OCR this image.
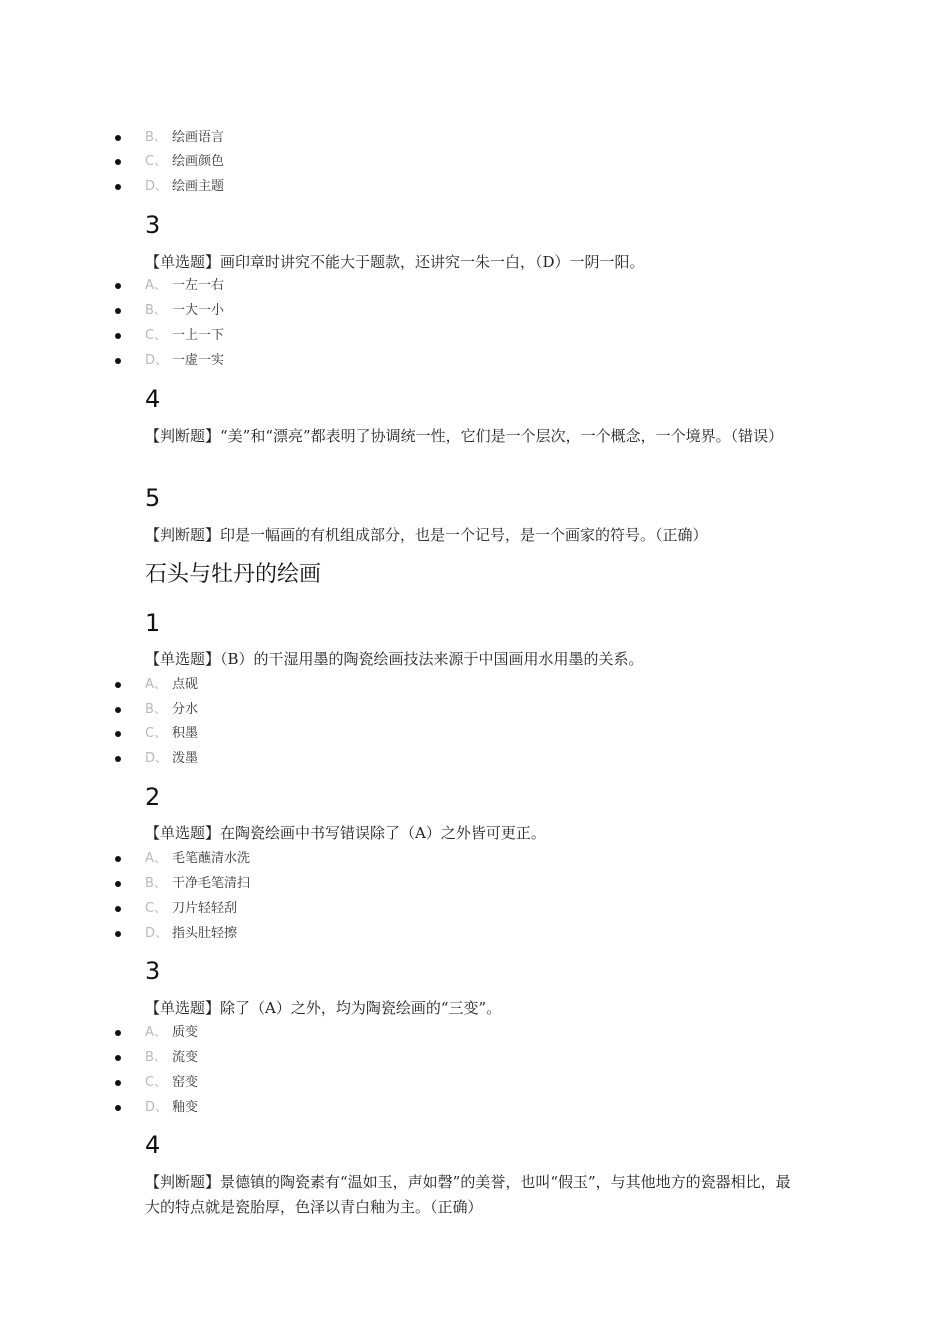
B、 绘画语言
C、 绘画颜色
D、 绘画主题
3
【单选题】画印章时讲究不能大于题款，还讲究一朱一白，（D）一阴一阳。
A、 一左一右
B、 一大一小
C、 一上一下
D、 一虚一实
4
【判断题】“美”和“漂亮”都表明了协调统一性，它们是一个层次，一个概念，一个境界。（错误）
5
【判断题】印是一幅画的有机组成部分，也是一个记号，是一个画家的符号。（正确）
石头与牡丹的绘画
1
【单选题】（B）的干湿用墨的陶瓷绘画技法来源于中国画用水用墨的关系。
A、 点砚
B、 分水
C、 积墨
D、 泼墨
2
【单选题】在陶瓷绘画中书写错误除了（A）之外皆可更正。
A、 毛笔蘸清水洗
B、 干净毛笔清扫
C、 刀片轻轻刮
D、 指头肚轻擦
3
【单选题】除了（A）之外，均为陶瓷绘画的“三变”。
A、 质变
B、 流变
C、 窑变
D、 釉变
4
【判断题】景德镇的陶瓷素有“温如玉，声如磬”的美誉，也叫“假玉”，与其他地方的瓷器相比，最大的特点就是瓷胎厚，色泽以青白釉为主。（正确）
